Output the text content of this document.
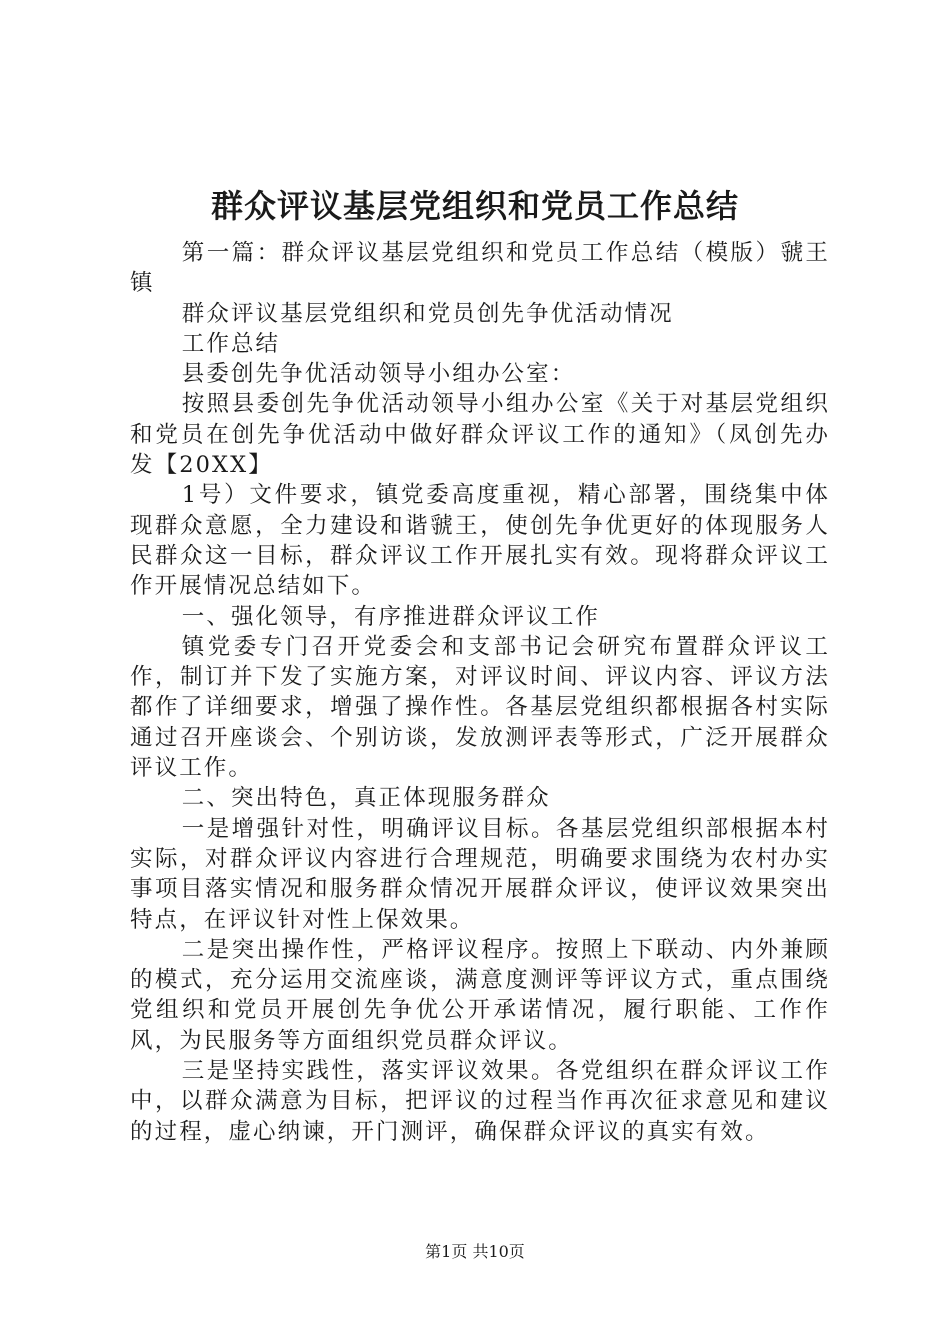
群众评议基层党组织和党员工作总结

第一篇：群众评议基层党组织和党员工作总结（模版）虢王镇

群众评议基层党组织和党员创先争优活动情况

工作总结

县委创先争优活动领导小组办公室：

按照县委创先争优活动领导小组办公室《关于对基层党组织和党员在创先争优活动中做好群众评议工作的通知》（凤创先办发【20XX】

1号）文件要求，镇党委高度重视，精心部署，围绕集中体现群众意愿，全力建设和谐虢王，使创先争优更好的体现服务人民群众这一目标，群众评议工作开展扎实有效。现将群众评议工作开展情况总结如下。

一、强化领导，有序推进群众评议工作

镇党委专门召开党委会和支部书记会研究布置群众评议工作，制订并下发了实施方案，对评议时间、评议内容、评议方法都作了详细要求，增强了操作性。各基层党组织都根据各村实际通过召开座谈会、个别访谈，发放测评表等形式，广泛开展群众评议工作。

二、突出特色，真正体现服务群众

一是增强针对性，明确评议目标。各基层党组织部根据本村实际，对群众评议内容进行合理规范，明确要求围绕为农村办实事项目落实情况和服务群众情况开展群众评议，使评议效果突出特点，在评议针对性上保效果。

二是突出操作性，严格评议程序。按照上下联动、内外兼顾的模式，充分运用交流座谈，满意度测评等评议方式，重点围绕党组织和党员开展创先争优公开承诺情况，履行职能、工作作风，为民服务等方面组织党员群众评议。

三是坚持实践性，落实评议效果。各党组织在群众评议工作中，以群众满意为目标，把评议的过程当作再次征求意见和建议的过程，虚心纳谏，开门测评，确保群众评议的真实有效。

第1页 共10页
